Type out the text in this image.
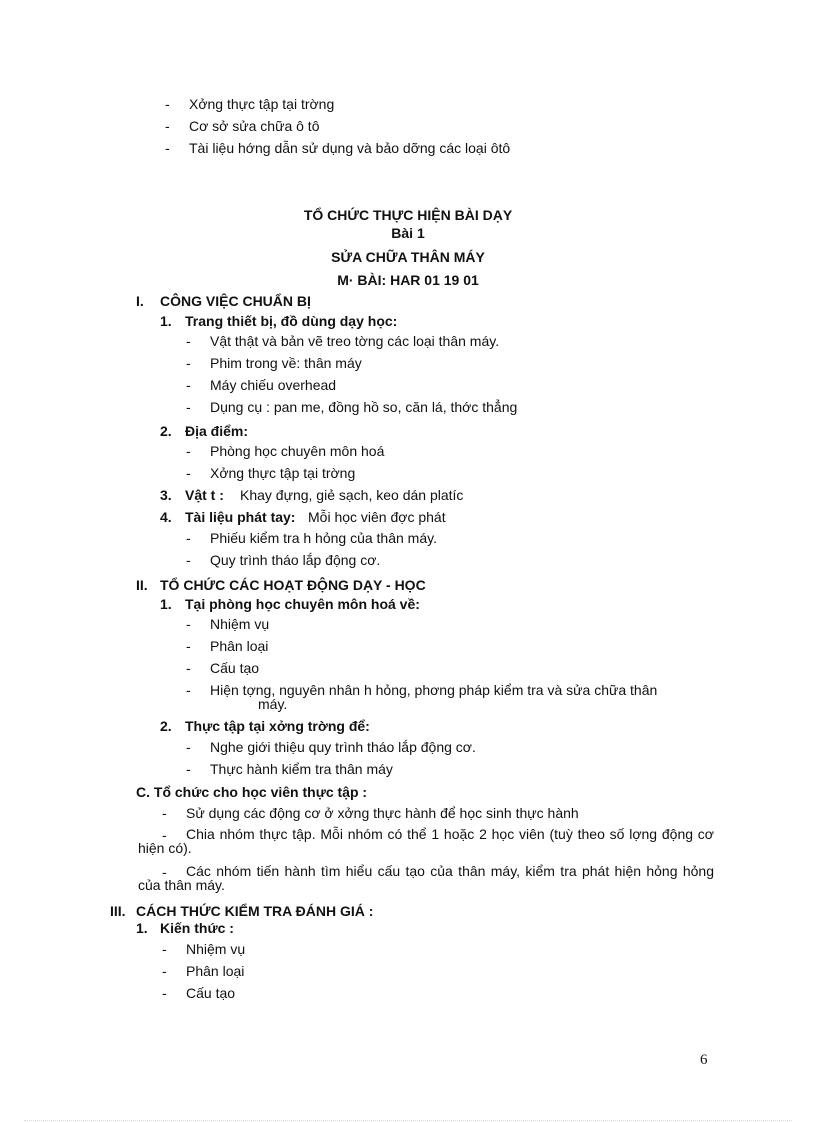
-	Xởng thực tập tại trờng
-	Cơ sở sửa chữa ô tô
-	Tài liệu hớng dẫn sử dụng và bảo dỡng các loại ôtô
TỔ CHỨC THỰC HIỆN BÀI DẠY
Bài 1
SỬA CHỮA THÂN MÁY
M· BÀI: HAR 01 19 01
I. CÔNG VIỆC CHUẨN BỊ
1. Trang thiết bị, đồ dùng dạy học:
-	Vật thật và bản vẽ treo tờng các loại thân máy.
-	Phim trong về: thân máy
-	Máy chiếu overhead
-	Dụng cụ : pan me, đồng hồ so, căn lá, thớc thẳng
2. Địa điểm:
-	Phòng học chuyên môn hoá
-	Xởng thực tập tại trờng
3. Vật t : Khay đựng, giẻ sạch, keo dán platíc
4. Tài liệu phát tay: Mỗi học viên đợc phát
-	Phiếu kiểm tra h hỏng của thân máy.
-	Quy trình tháo lắp động cơ.
II. TỔ CHỨC CÁC HOẠT ĐỘNG DẠY - HỌC
1. Tại phòng học chuyên môn hoá về:
-	Nhiệm vụ
-	Phân loại
-	Cấu tạo
-	Hiện tợng, nguyên nhân h hỏng, phơng pháp kiểm tra và sửa chữa thân
máy.
2. Thực tập tại xởng trờng để:
-	Nghe giới thiệu quy trình tháo lắp động cơ.
-	Thực hành kiểm tra thân máy
C. Tổ chức cho học viên thực tập :
-	Sử dụng các động cơ ở xởng thực hành để học sinh thực hành
-	Chia nhóm thực tập. Mỗi nhóm có thể 1 hoặc 2 học viên (tuỳ theo số lợng động cơ hiện có).
-	Các nhóm tiến hành tìm hiểu cấu tạo của thân máy, kiểm tra phát hiện hỏng hỏng của thân máy.
III. CÁCH THỨC KIỂM TRA ĐÁNH GIÁ :
1. Kiến thức :
-	Nhiệm vụ
-	Phân loại
-	Cấu tạo
6
